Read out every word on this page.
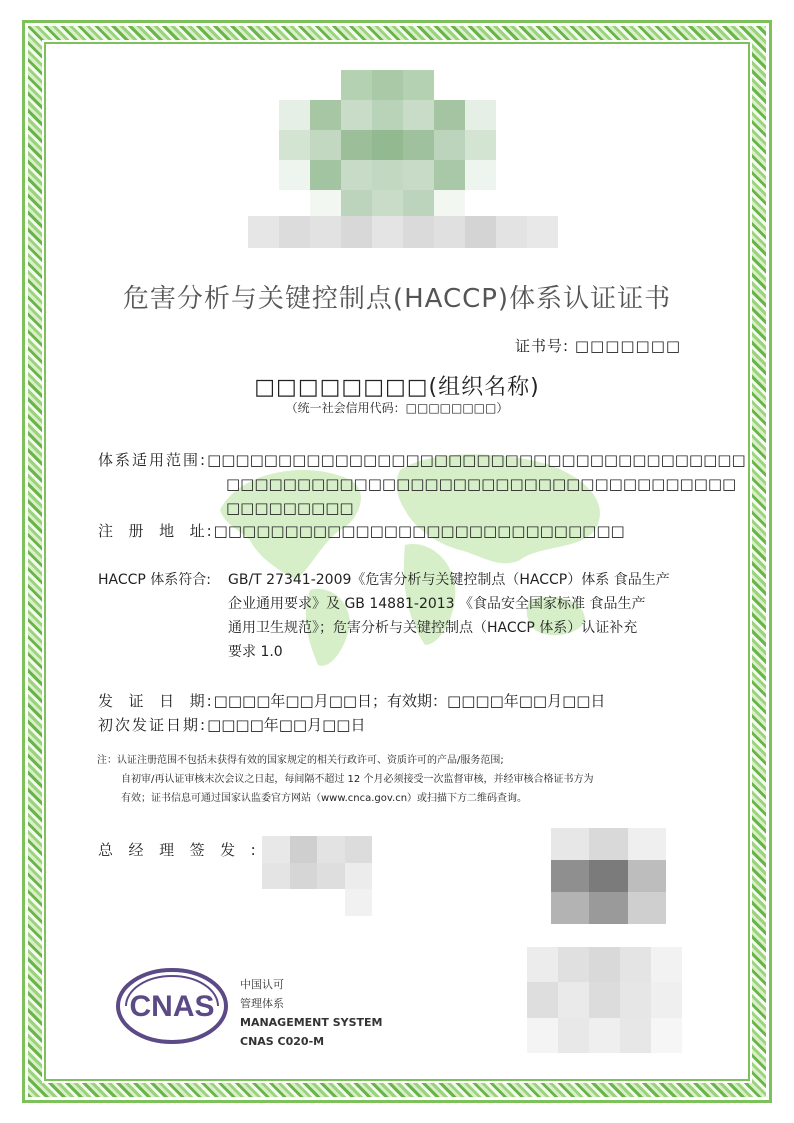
危害分析与关键控制点(HACCP)体系认证证书
证书号: □□□□□□□
□□□□□□□□(组织名称)
（统一社会信用代码：□□□□□□□□）
体系适用范围:□□□□□□□□□□□□□□□□□□□□□□□□□□□□□□□□□□□□□□
□□□□□□□□□□□□□□□□□□□□□□□□□□□□□□□□□□□□
□□□□□□□□□
注  册  地  址:□□□□□□□□□□□□□□□□□□□□□□□□□□□□□
HACCP 体系符合: GB/T 27341-2009《危害分析与关键控制点（HACCP）体系 食品生产
企业通用要求》及 GB 14881-2013 《食品安全国家标准 食品生产
通用卫生规范》；危害分析与关键控制点（HACCP 体系）认证补充
要求 1.0
发  证  日  期:□□□□年□□月□□日；有效期：□□□□年□□月□□日
初次发证日期:□□□□年□□月□□日
注：认证注册范围不包括未获得有效的国家规定的相关行政许可、资质许可的产品/服务范围;
自初审/再认证审核末次会议之日起，每间隔不超过 12 个月必须接受一次监督审核，并经审核合格证书方为
有效；证书信息可通过国家认监委官方网站（www.cnca.gov.cn）或扫描下方二维码查询。
总  经  理  签  发  :
CNAS
中国认可
管理体系
MANAGEMENT SYSTEM
CNAS C020-M
